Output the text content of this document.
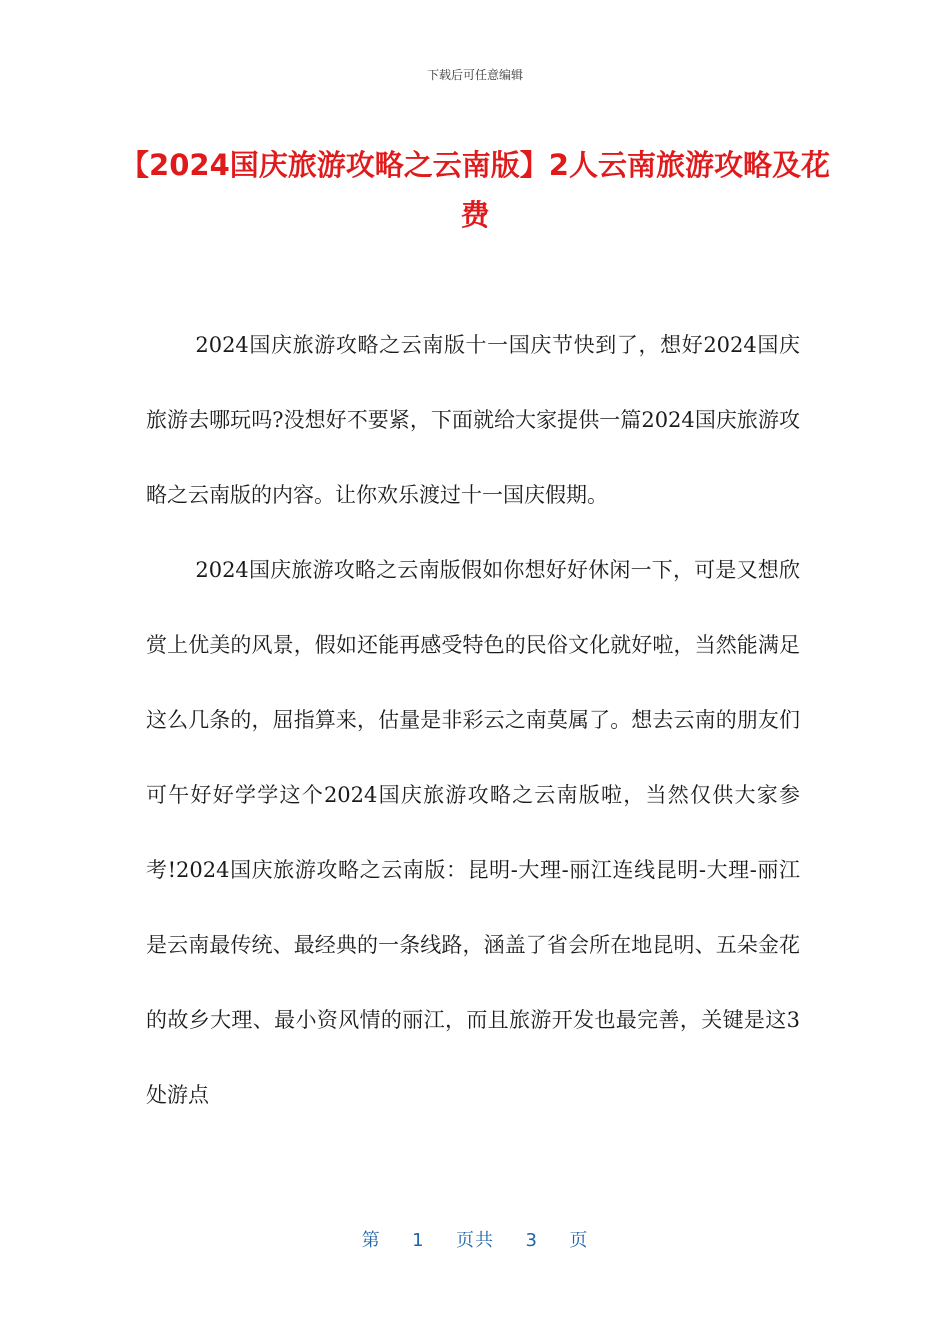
下载后可任意编辑
【2024国庆旅游攻略之云南版】2人云南旅游攻略及花费

2024国庆旅游攻略之云南版十一国庆节快到了，想好2024国庆旅游去哪玩吗?没想好不要紧，下面就给大家提供一篇2024国庆旅游攻略之云南版的内容。让你欢乐渡过十一国庆假期。

2024国庆旅游攻略之云南版假如你想好好休闲一下，可是又想欣赏上优美的风景，假如还能再感受特色的民俗文化就好啦，当然能满足这么几条的，屈指算来，估量是非彩云之南莫属了。想去云南的朋友们可午好好学学这个2024国庆旅游攻略之云南版啦，当然仅供大家参考!2024国庆旅游攻略之云南版：昆明-大理-丽江连线昆明-大理-丽江是云南最传统、最经典的一条线路，涵盖了省会所在地昆明、五朵金花的故乡大理、最小资风情的丽江，而且旅游开发也最完善，关键是这3处游点

第 1 页共 3 页
